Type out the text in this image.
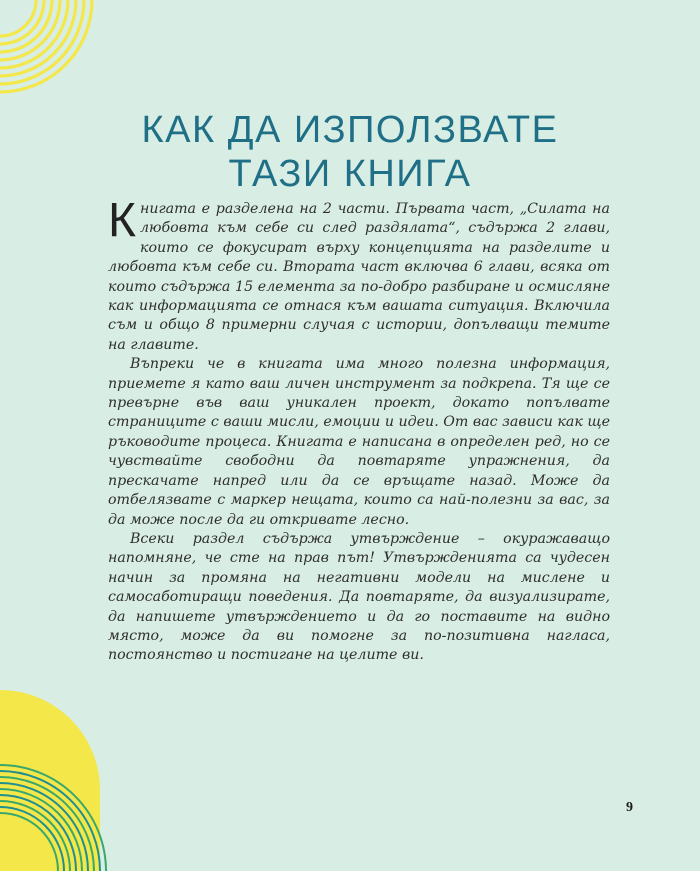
КАК ДА ИЗПОЛЗВАТЕ
ТАЗИ КНИГА

Книгата е разделена на 2 части. Първата част, „Силата на любовта към себе си след раздялата“, съдържа 2 глави, които се фокусират върху концепцията на разделите и любовта към себе си. Втората част включва 6 глави, всяка от които съдържа 15 елемента за по-добро разбиране и осмисляне как информацията се отнася към вашата ситуация. Включила съм и общо 8 примерни случая с истории, допълващи темите на главите.

Въпреки че в книгата има много полезна информация, приемете я като ваш личен инструмент за подкрепа. Тя ще се превърне във ваш уникален проект, докато попълвате страниците с ваши мисли, емоции и идеи. От вас зависи как ще ръководите процеса. Книгата е написана в определен ред, но се чувствайте свободни да повтаряте упражнения, да прескачате напред или да се връщате назад. Може да отбелязвате с маркер нещата, които са най-полезни за вас, за да може после да ги откривате лесно.

Всеки раздел съдържа утвърждение – окуражаващо напомняне, че сте на прав път! Утвържденията са чудесен начин за промяна на негативни модели на мислене и самосаботиращи поведения. Да повтаряте, да визуализирате, да напишете утвърждението и да го поставите на видно място, може да ви помогне за по-позитивна нагласа, постоянство и постигане на целите ви.

9
